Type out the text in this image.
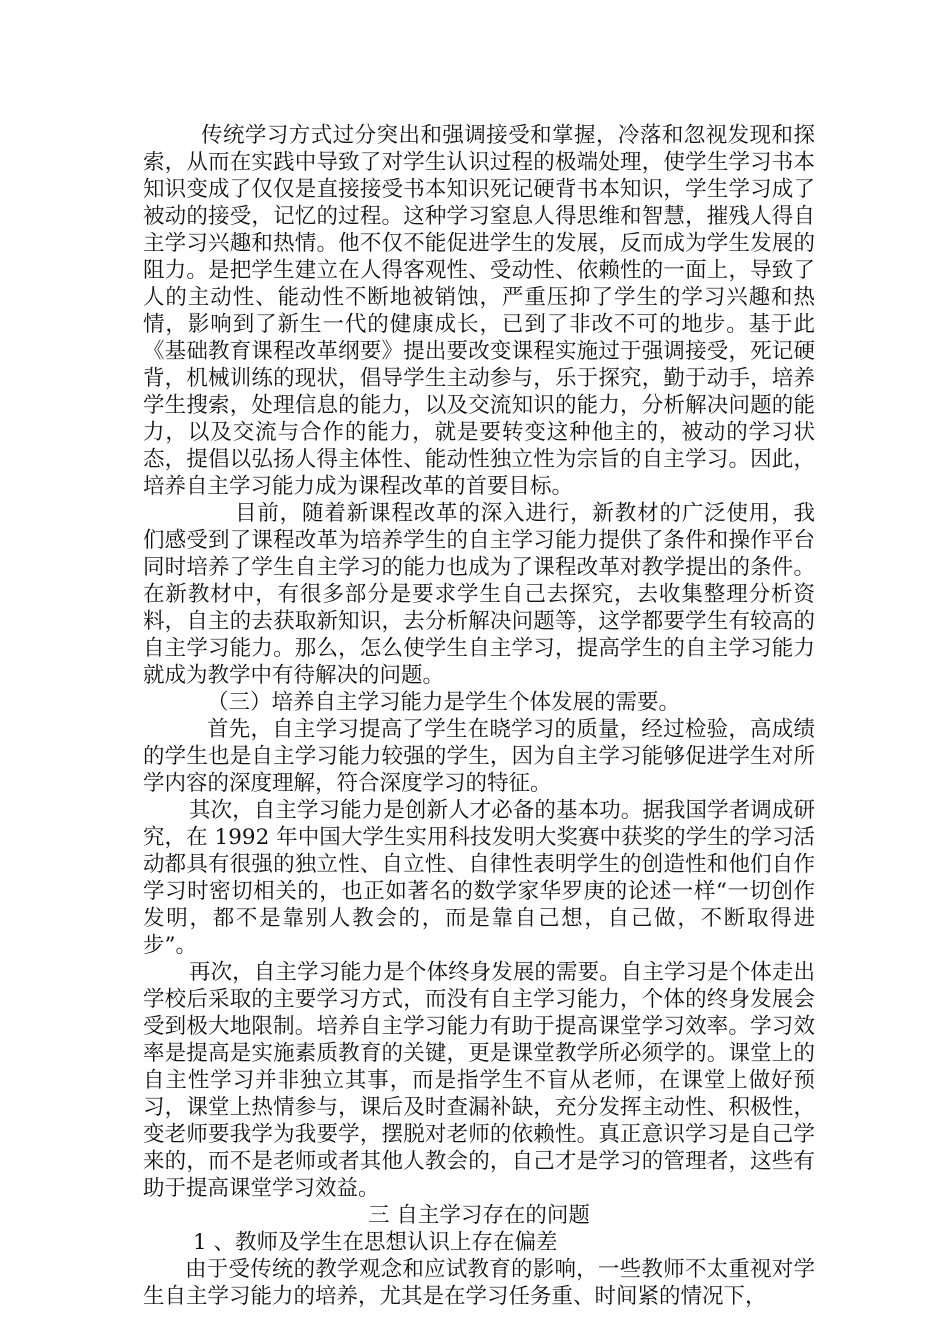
传统学习方式过分突出和强调接受和掌握，冷落和忽视发现和探索，从而在实践中导致了对学生认识过程的极端处理，使学生学习书本知识变成了仅仅是直接接受书本知识死记硬背书本知识，学生学习成了被动的接受，记忆的过程。这种学习窒息人得思维和智慧，摧残人得自主学习兴趣和热情。他不仅不能促进学生的发展，反而成为学生发展的阻力。是把学生建立在人得客观性、受动性、依赖性的一面上，导致了人的主动性、能动性不断地被销蚀，严重压抑了学生的学习兴趣和热情，影响到了新生一代的健康成长，已到了非改不可的地步。基于此《基础教育课程改革纲要》提出要改变课程实施过于强调接受，死记硬背，机械训练的现状，倡导学生主动参与，乐于探究，勤于动手，培养学生搜索，处理信息的能力，以及交流知识的能力，分析解决问题的能力，以及交流与合作的能力，就是要转变这种他主的，被动的学习状态，提倡以弘扬人得主体性、能动性独立性为宗旨的自主学习。因此，培养自主学习能力成为课程改革的首要目标。

目前，随着新课程改革的深入进行，新教材的广泛使用，我们感受到了课程改革为培养学生的自主学习能力提供了条件和操作平台同时培养了学生自主学习的能力也成为了课程改革对教学提出的条件。在新教材中，有很多部分是要求学生自己去探究，去收集整理分析资料，自主的去获取新知识，去分析解决问题等，这学都要学生有较高的自主学习能力。那么，怎么使学生自主学习，提高学生的自主学习能力就成为教学中有待解决的问题。

（三）培养自主学习能力是学生个体发展的需要。

首先，自主学习提高了学生在晓学习的质量，经过检验，高成绩的学生也是自主学习能力较强的学生，因为自主学习能够促进学生对所学内容的深度理解，符合深度学习的特征。

其次，自主学习能力是创新人才必备的基本功。据我国学者调成研究，在 1992 年中国大学生实用科技发明大奖赛中获奖的学生的学习活动都具有很强的独立性、自立性、自律性表明学生的创造性和他们自作学习时密切相关的，也正如著名的数学家华罗庚的论述一样“一切创作发明，都不是靠别人教会的，而是靠自己想，自己做，不断取得进步”。

再次，自主学习能力是个体终身发展的需要。自主学习是个体走出学校后采取的主要学习方式，而没有自主学习能力，个体的终身发展会受到极大地限制。培养自主学习能力有助于提高课堂学习效率。学习效率是提高是实施素质教育的关键，更是课堂教学所必须学的。课堂上的自主性学习并非独立其事，而是指学生不盲从老师，在课堂上做好预习，课堂上热情参与，课后及时查漏补缺，充分发挥主动性、积极性，变老师要我学为我要学，摆脱对老师的依赖性。真正意识学习是自己学来的，而不是老师或者其他人教会的，自己才是学习的管理者，这些有助于提高课堂学习效益。

三 自主学习存在的问题

1 、教师及学生在思想认识上存在偏差

由于受传统的教学观念和应试教育的影响，一些教师不太重视对学生自主学习能力的培养，尤其是在学习任务重、时间紧的情况下，
